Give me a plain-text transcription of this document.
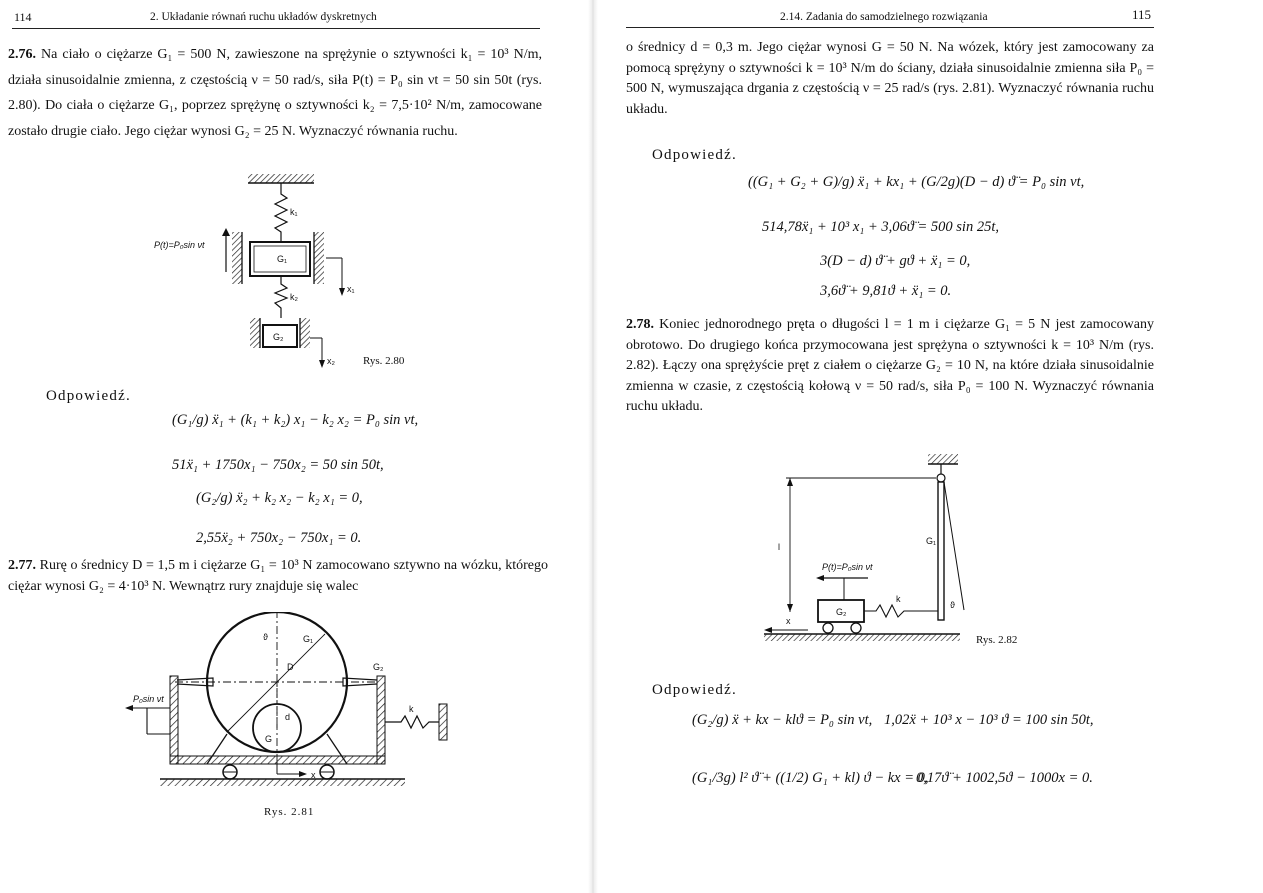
114	2. Układanie równań ruchu układów dyskretnych
2.76. Na ciało o ciężarze G₁ = 500 N, zawieszone na sprężynie o sztywności k₁ = 10³ N/m, działa sinusoidalnie zmienna, z częstością ν = 50 rad/s, siła P(t) = P₀ sin νt = 50 sin 50t (rys. 2.80). Do ciała o ciężarze G₁, poprzez sprężynę o sztywności k₂ = 7,5·10² N/m, zamocowane zostało drugie ciało. Jego ciężar wynosi G₂ = 25 N. Wyznaczyć równania ruchu.
k₁
G₁
P(t)=P₀sin νt
x₁
k₂
G₂
x₂	Rys. 2.80
Odpowiedź.
(G₁/g) ẍ₁ + (k₁ + k₂) x₁ − k₂ x₂ = P₀ sin νt,
51ẍ₁ + 1750x₁ − 750x₂ = 50 sin 50t,
(G₂/g) ẍ₂ + k₂ x₂ − k₂ x₁ = 0,
2,55ẍ₂ + 750x₂ − 750x₁ = 0.
2.77. Rurę o średnicy D = 1,5 m i ciężarze G₁ = 10³ N zamocowano sztywno na wózku, którego ciężar wynosi G₂ = 4·10³ N. Wewnątrz rury znajduje się walec
ϑ	G₁
D
d
G
G₂
x
P₀sin νt
k
Rys. 2.81
2.14. Zadania do samodzielnego rozwiązania	115
o średnicy d = 0,3 m. Jego ciężar wynosi G = 50 N. Na wózek, który jest zamocowany za pomocą sprężyny o sztywności k = 10³ N/m do ściany, działa sinusoidalnie zmienna siła P₀ = 500 N, wymuszająca drgania z częstością ν = 25 rad/s (rys. 2.81). Wyznaczyć równania ruchu układu.
Odpowiedź.
((G₁ + G₂ + G)/g) ẍ₁ + kx₁ + (G/2g)(D − d) ϑ̈ = P₀ sin νt,
514,78ẍ₁ + 10³ x₁ + 3,06ϑ̈ = 500 sin 25t,
3(D − d) ϑ̈ + gϑ + ẍ₁ = 0,
3,6ϑ̈ + 9,81ϑ + ẍ₁ = 0.
2.78. Koniec jednorodnego pręta o długości l = 1 m i ciężarze G₁ = 5 N jest zamocowany obrotowo. Do drugiego końca przymocowana jest sprężyna o sztywności k = 10³ N/m (rys. 2.82). Łączy ona sprężyście pręt z ciałem o ciężarze G₂ = 10 N, na które działa sinusoidalnie zmienna w czasie, z częstością kołową ν = 50 rad/s, siła P₀ = 100 N. Wyznaczyć równania ruchu układu.
G₁
l
P(t)=P₀sin νt
G₂
k
x
ϑ
Rys. 2.82
Odpowiedź.
(G₂/g) ẍ + kx − klϑ = P₀ sin νt, 1,02ẍ + 10³ x − 10³ ϑ = 100 sin 50t,
(G₁/3g) l² ϑ̈ + ((1/2) G₁ + kl) ϑ − kx = 0,
0,17ϑ̈ + 1002,5ϑ − 1000x = 0.
